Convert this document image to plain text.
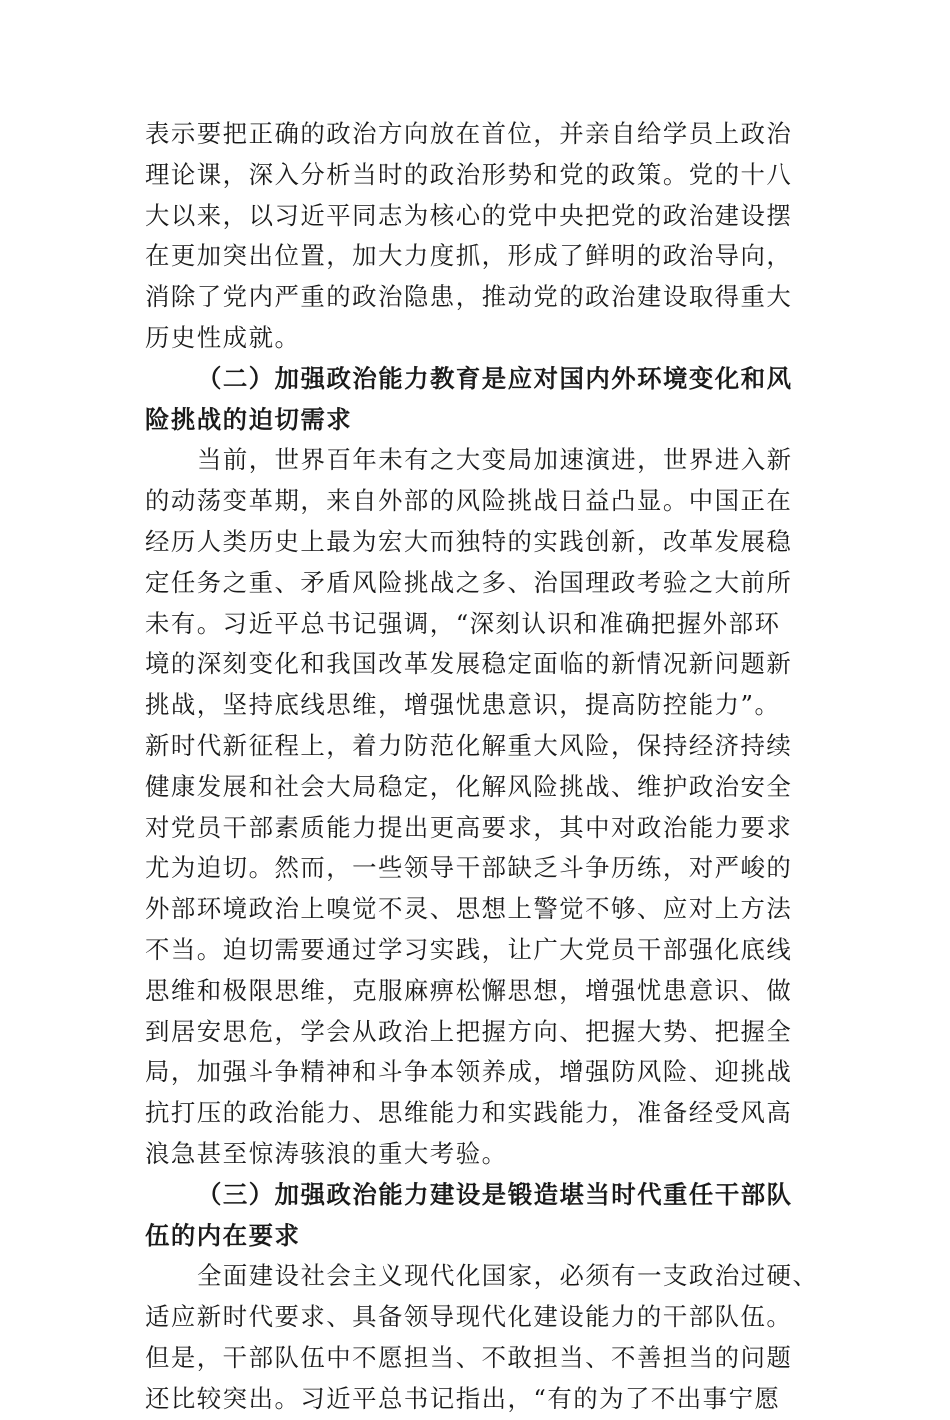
表示要把正确的政治方向放在首位，并亲自给学员上政治
理论课，深入分析当时的政治形势和党的政策。党的十八
大以来，以习近平同志为核心的党中央把党的政治建设摆
在更加突出位置，加大力度抓，形成了鲜明的政治导向，
消除了党内严重的政治隐患，推动党的政治建设取得重大
历史性成就。
（二）加强政治能力教育是应对国内外环境变化和风
险挑战的迫切需求
当前，世界百年未有之大变局加速演进，世界进入新
的动荡变革期，来自外部的风险挑战日益凸显。中国正在
经历人类历史上最为宏大而独特的实践创新，改革发展稳
定任务之重、矛盾风险挑战之多、治国理政考验之大前所
未有。习近平总书记强调，“深刻认识和准确把握外部环
境的深刻变化和我国改革发展稳定面临的新情况新问题新
挑战，坚持底线思维，增强忧患意识，提高防控能力”。
新时代新征程上，着力防范化解重大风险，保持经济持续
健康发展和社会大局稳定，化解风险挑战、维护政治安全
对党员干部素质能力提出更高要求，其中对政治能力要求
尤为迫切。然而，一些领导干部缺乏斗争历练，对严峻的
外部环境政治上嗅觉不灵、思想上警觉不够、应对上方法
不当。迫切需要通过学习实践，让广大党员干部强化底线
思维和极限思维，克服麻痹松懈思想，增强忧患意识、做
到居安思危，学会从政治上把握方向、把握大势、把握全
局，加强斗争精神和斗争本领养成，增强防风险、迎挑战
抗打压的政治能力、思维能力和实践能力，准备经受风高
浪急甚至惊涛骇浪的重大考验。
（三）加强政治能力建设是锻造堪当时代重任干部队
伍的内在要求
全面建设社会主义现代化国家，必须有一支政治过硬、
适应新时代要求、具备领导现代化建设能力的干部队伍。
但是，干部队伍中不愿担当、不敢担当、不善担当的问题
还比较突出。习近平总书记指出，“有的为了不出事宁愿
